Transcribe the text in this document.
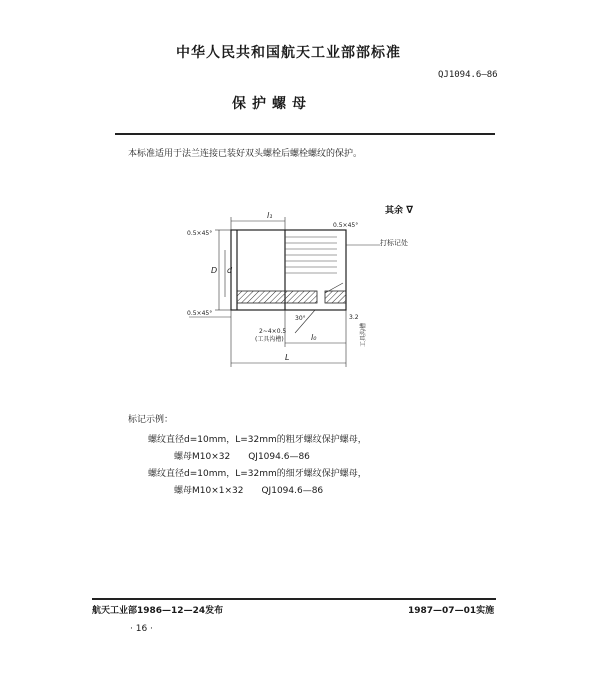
中华人民共和国航天工业部部标准
QJ1094.6—86
保护螺母
本标准适用于法兰连接已装好双头螺栓后螺栓螺纹的保护。
其余 ∇
0.5×45°
l₁
0.5×45°
打标记处
D d
0.5×45°
30°	3.2
2~4×0.5
(工具沟槽)	l₀
L
工具沟槽
标记示例：
螺纹直径d=10mm，L=32mm的粗牙螺纹保护螺母，
螺母M10×32　　QJ1094.6—86
螺纹直径d=10mm，L=32mm的细牙螺纹保护螺母，
螺母M10×1×32　　QJ1094.6—86
航天工业部1986—12—24发布	1987—07—01实施
· 16 ·
